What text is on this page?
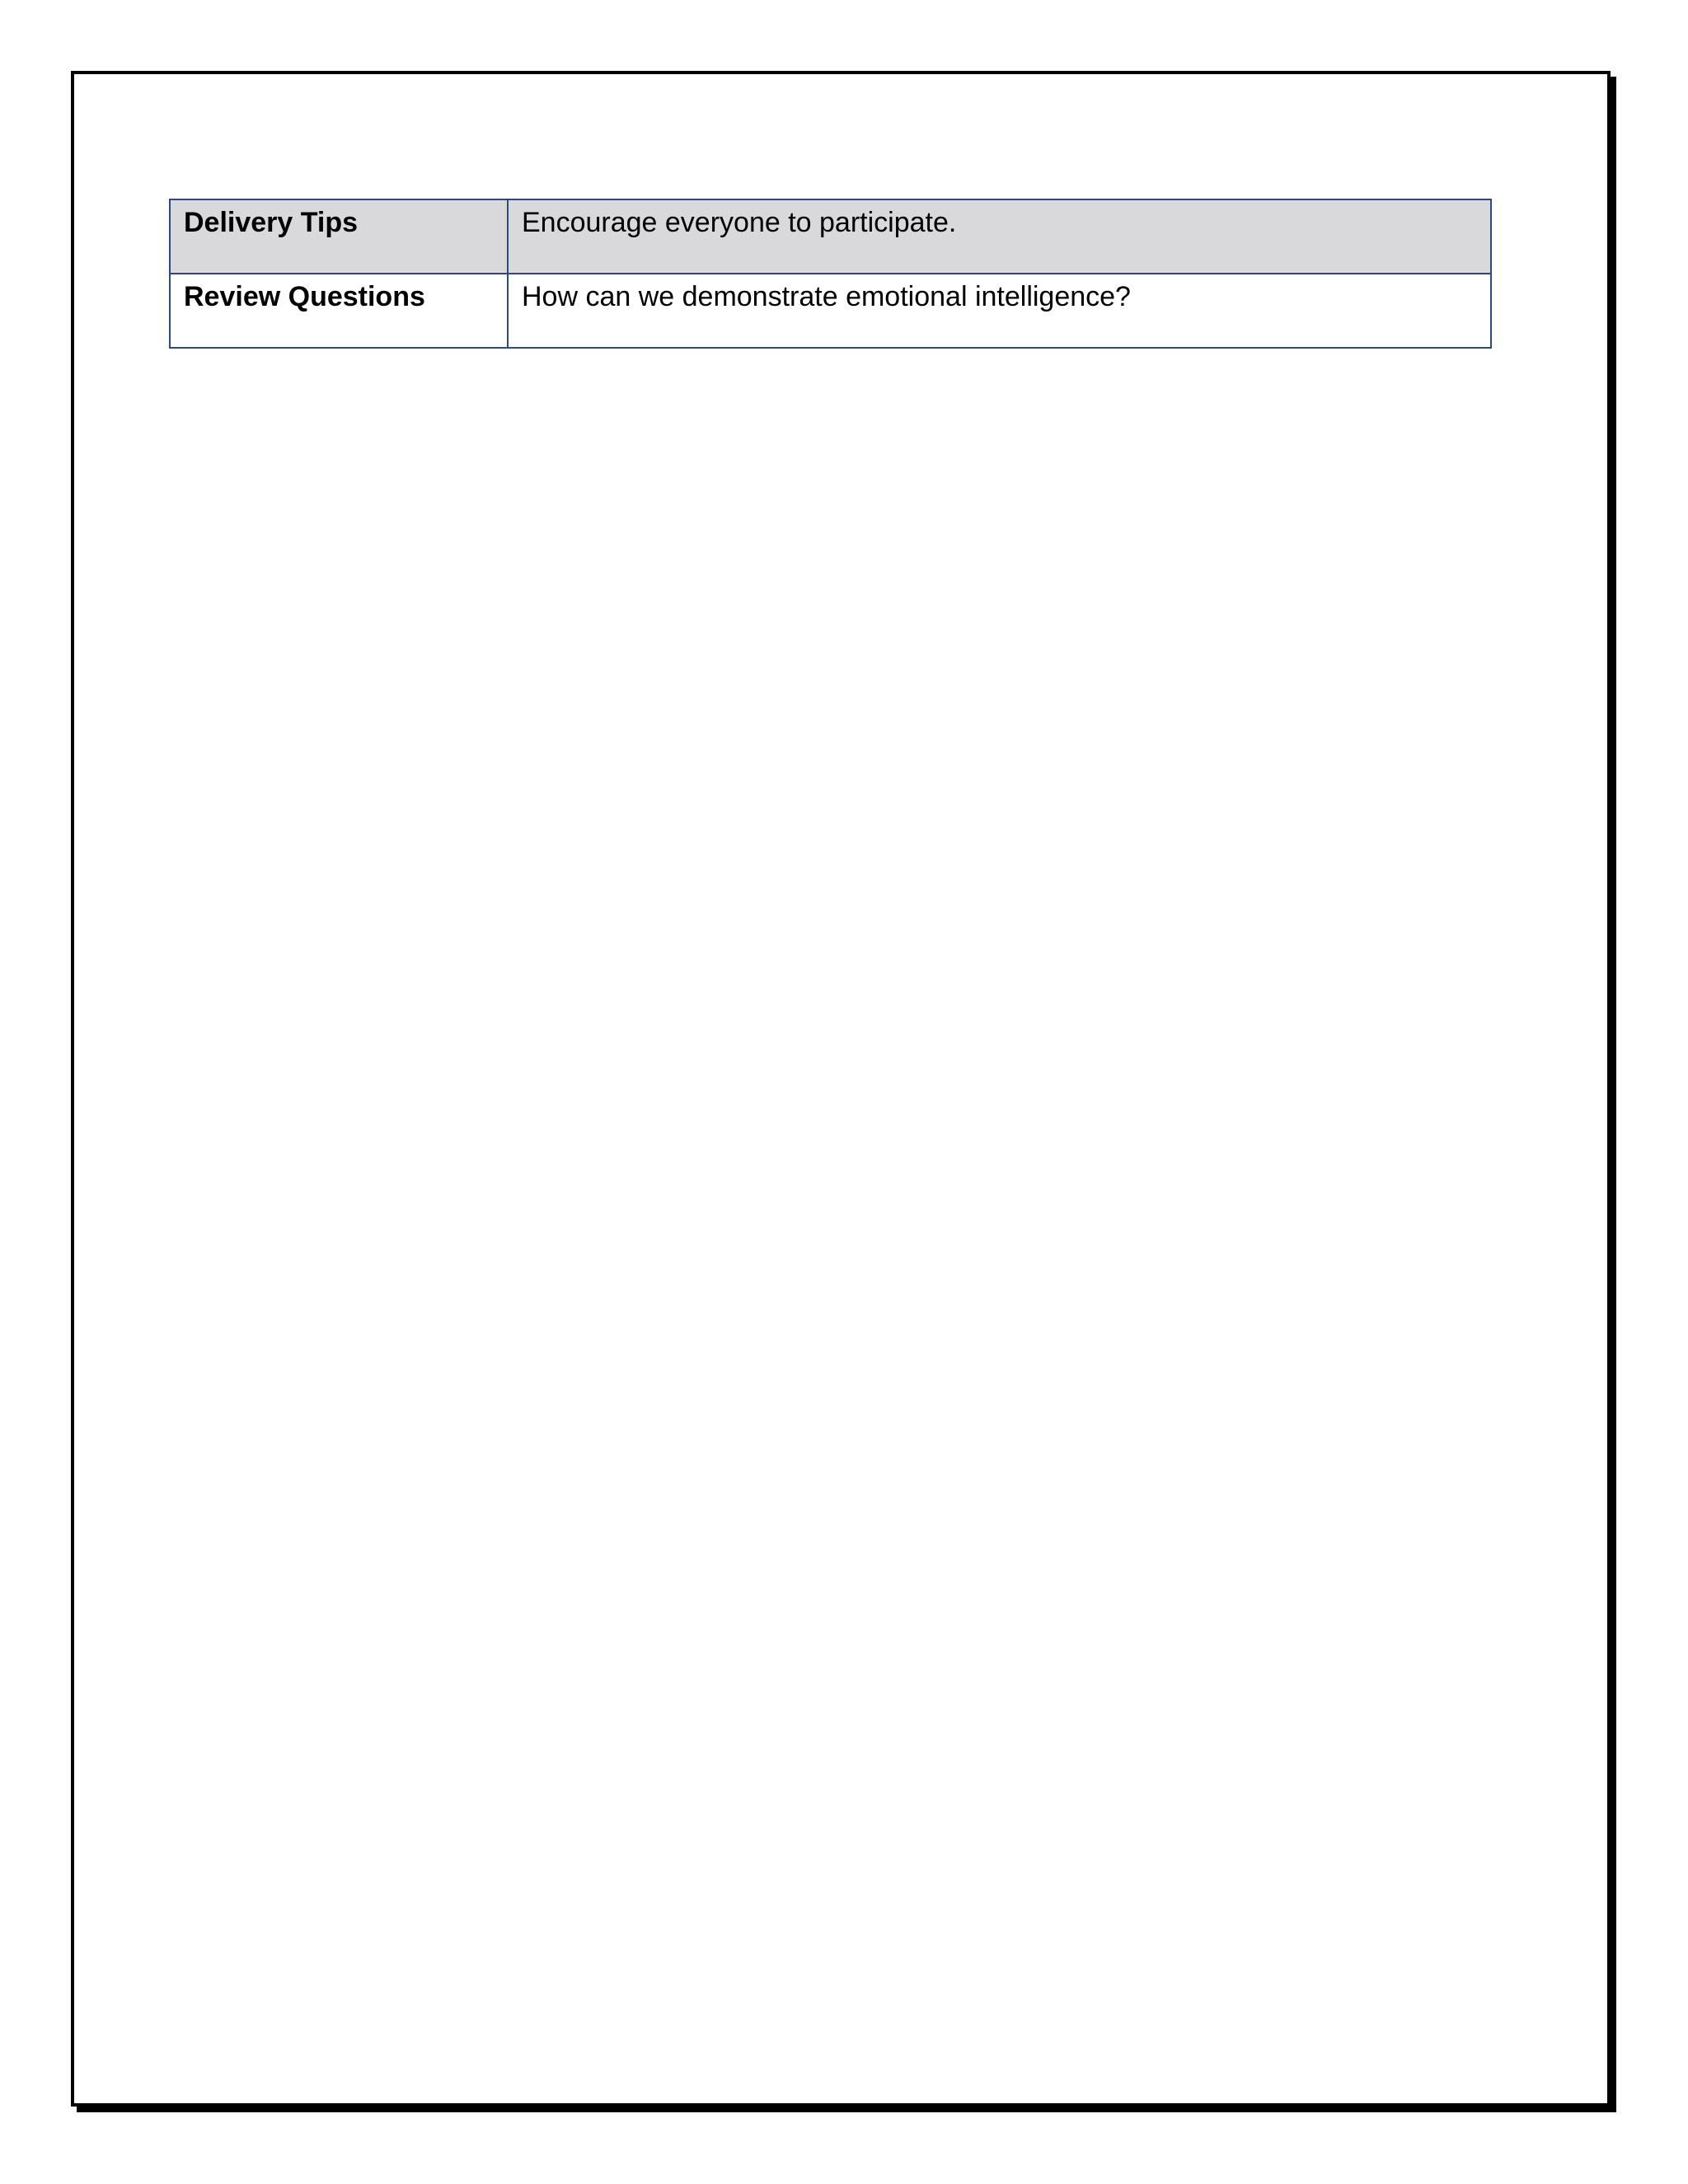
Delivery Tips	Encourage everyone to participate.
Review Questions	How can we demonstrate emotional intelligence?
